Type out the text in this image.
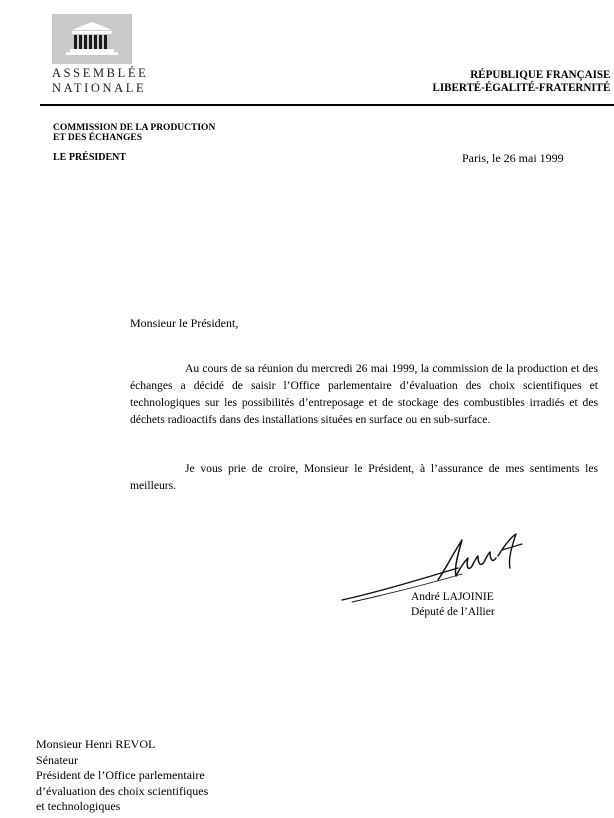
ASSEMBLÉE
NATIONALE
RÉPUBLIQUE FRANÇAISE
LIBERTÉ-ÉGALITÉ-FRATERNITÉ
COMMISSION DE LA PRODUCTION
ET DES ÉCHANGES
LE PRÉSIDENT	Paris, le 26 mai 1999
Monsieur le Président,

Au cours de sa réunion du mercredi 26 mai 1999, la commission de la production et des échanges a décidé de saisir l’Office parlementaire d’évaluation des choix scientifiques et technologiques sur les possibilités d’entreposage et de stockage des combustibles irradiés et des déchets radioactifs dans des installations situées en surface ou en sub-surface.

Je vous prie de croire, Monsieur le Président, à l’assurance de mes sentiments les meilleurs.

André LAJOINIE
Député de l’Allier
Monsieur Henri REVOL
Sénateur
Président de l’Office parlementaire
d’évaluation des choix scientifiques
et technologiques
